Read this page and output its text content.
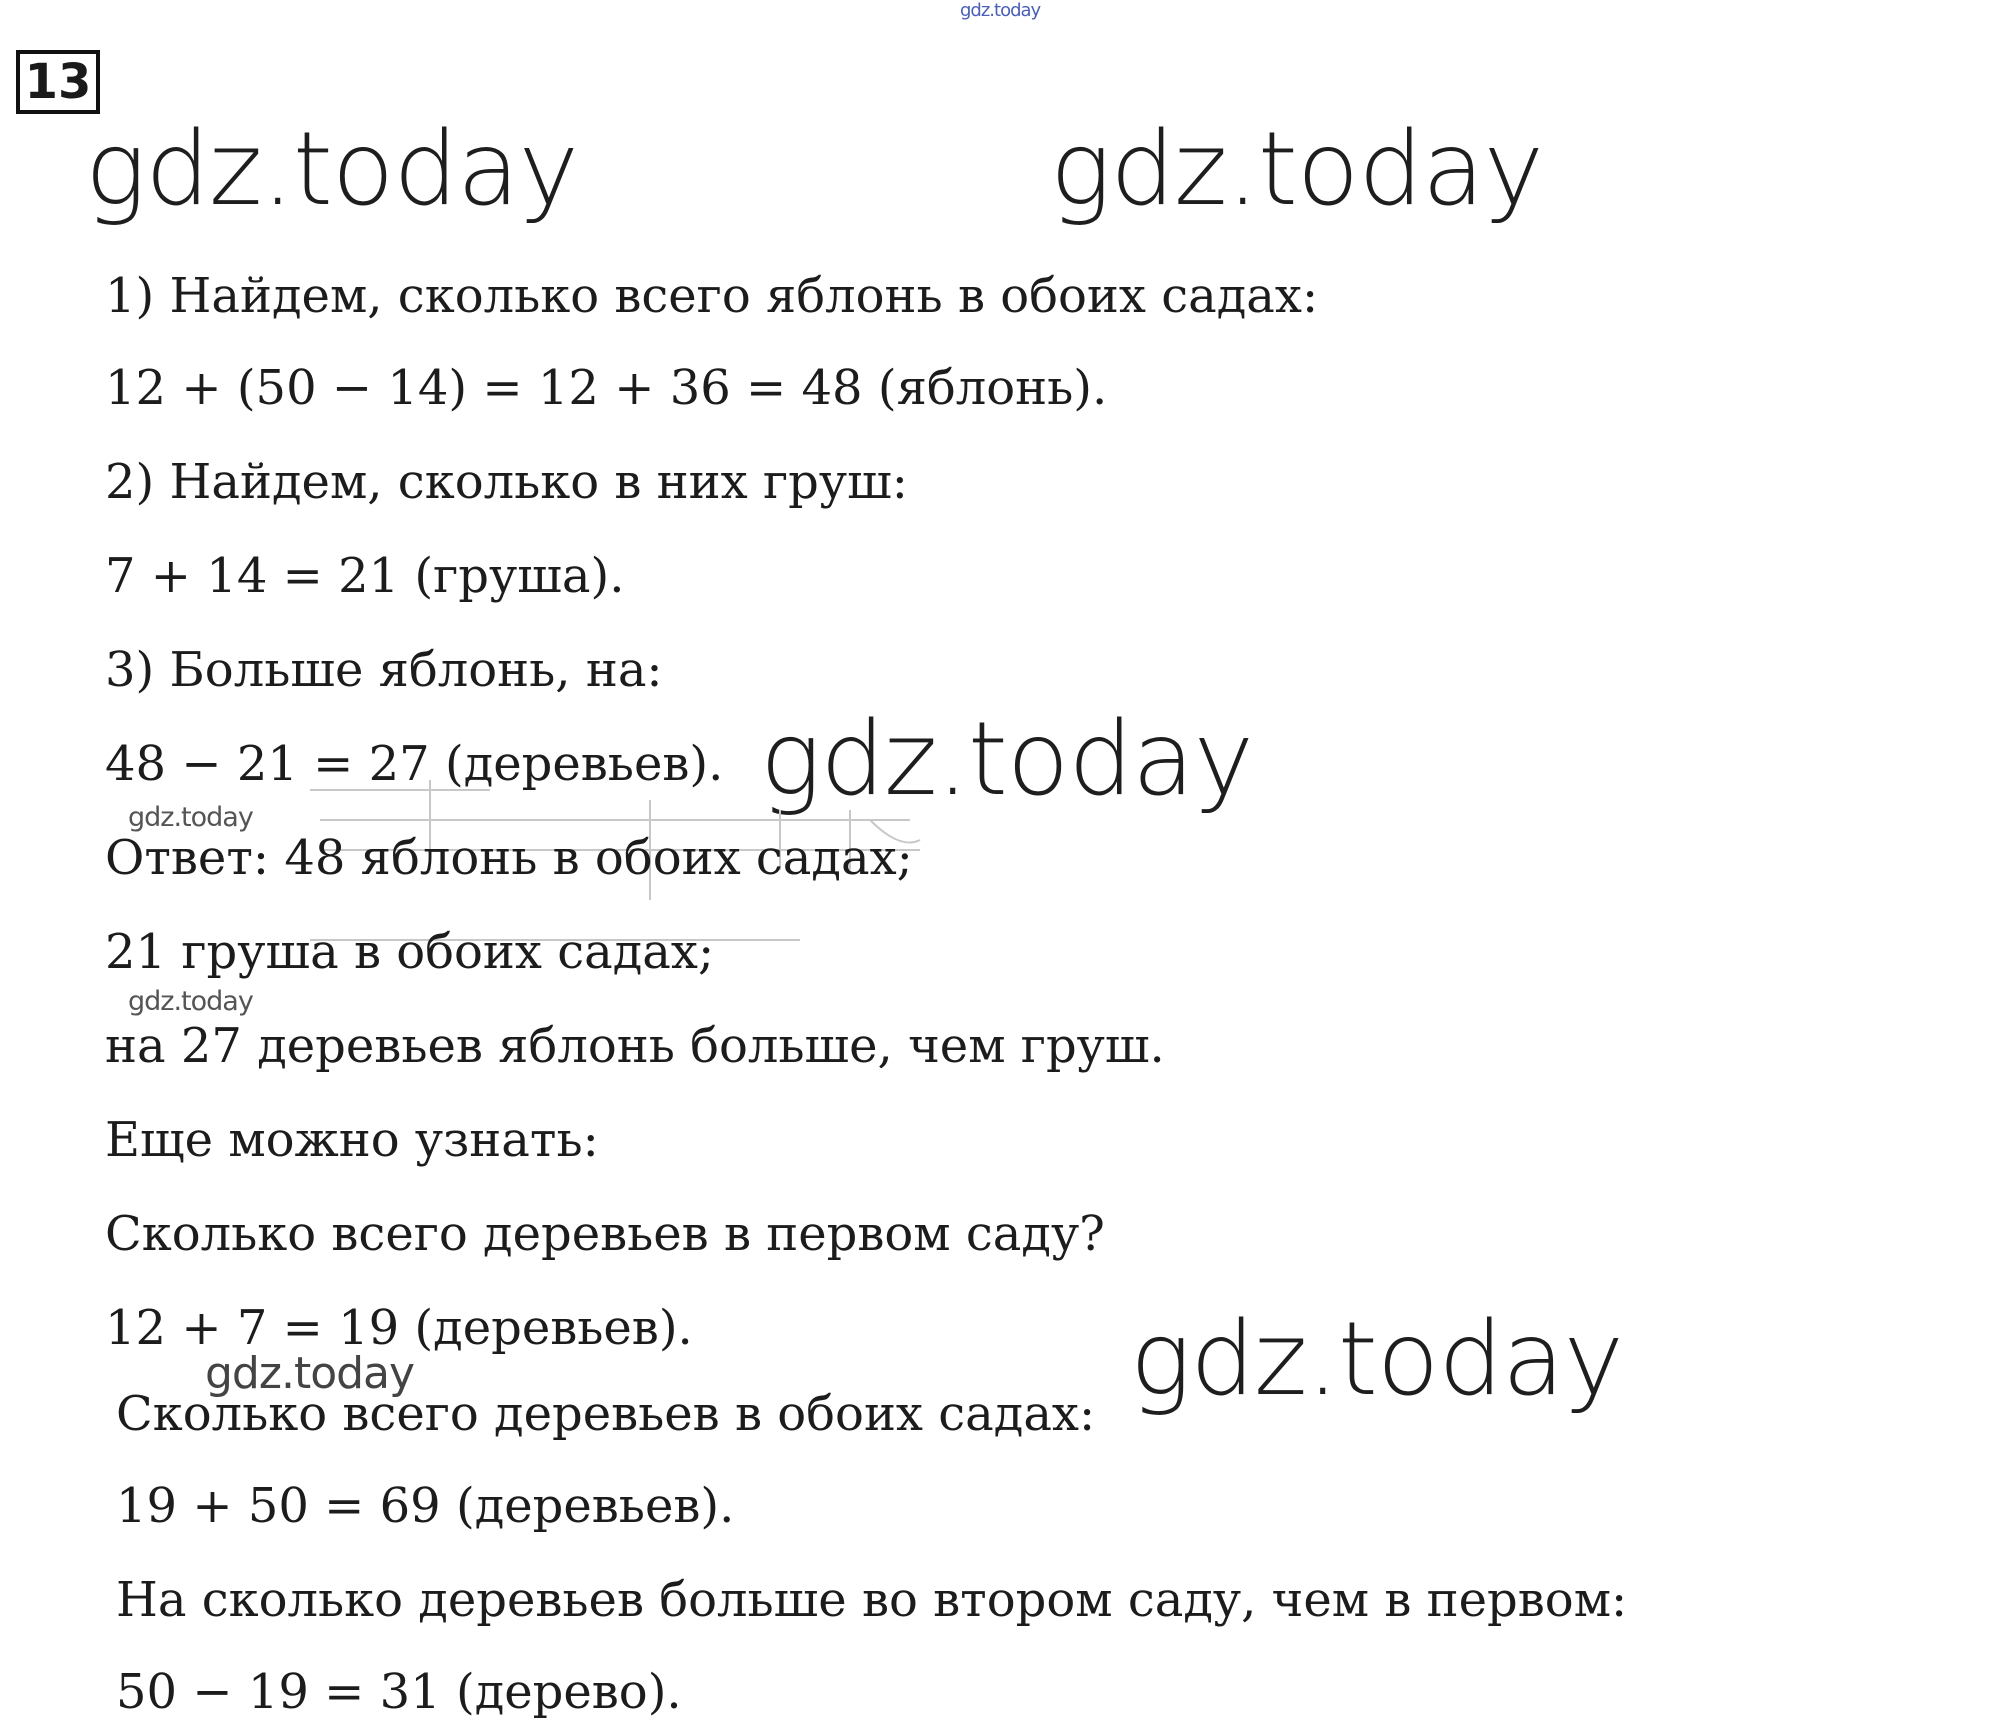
gdz.today
13
gdz.today	gdz.today
1) Найдем, сколько всего яблонь в обоих садах:
12 + (50 − 14) = 12 + 36 = 48 (яблонь).
2) Найдем, сколько в них груш:
7 + 14 = 21 (груша).
3) Больше яблонь, на:
48 − 21 = 27 (деревьев). gdz.today
gdz.today
Ответ: 48 яблонь в обоих садах;
21 груша в обоих садах;
gdz.today
на 27 деревьев яблонь больше, чем груш.
Еще можно узнать:
Сколько всего деревьев в первом саду?
12 + 7 = 19 (деревьев).
gdz.today	gdz.today
Сколько всего деревьев в обоих садах:
19 + 50 = 69 (деревьев).
На сколько деревьев больше во втором саду, чем в первом:
50 − 19 = 31 (дерево).
